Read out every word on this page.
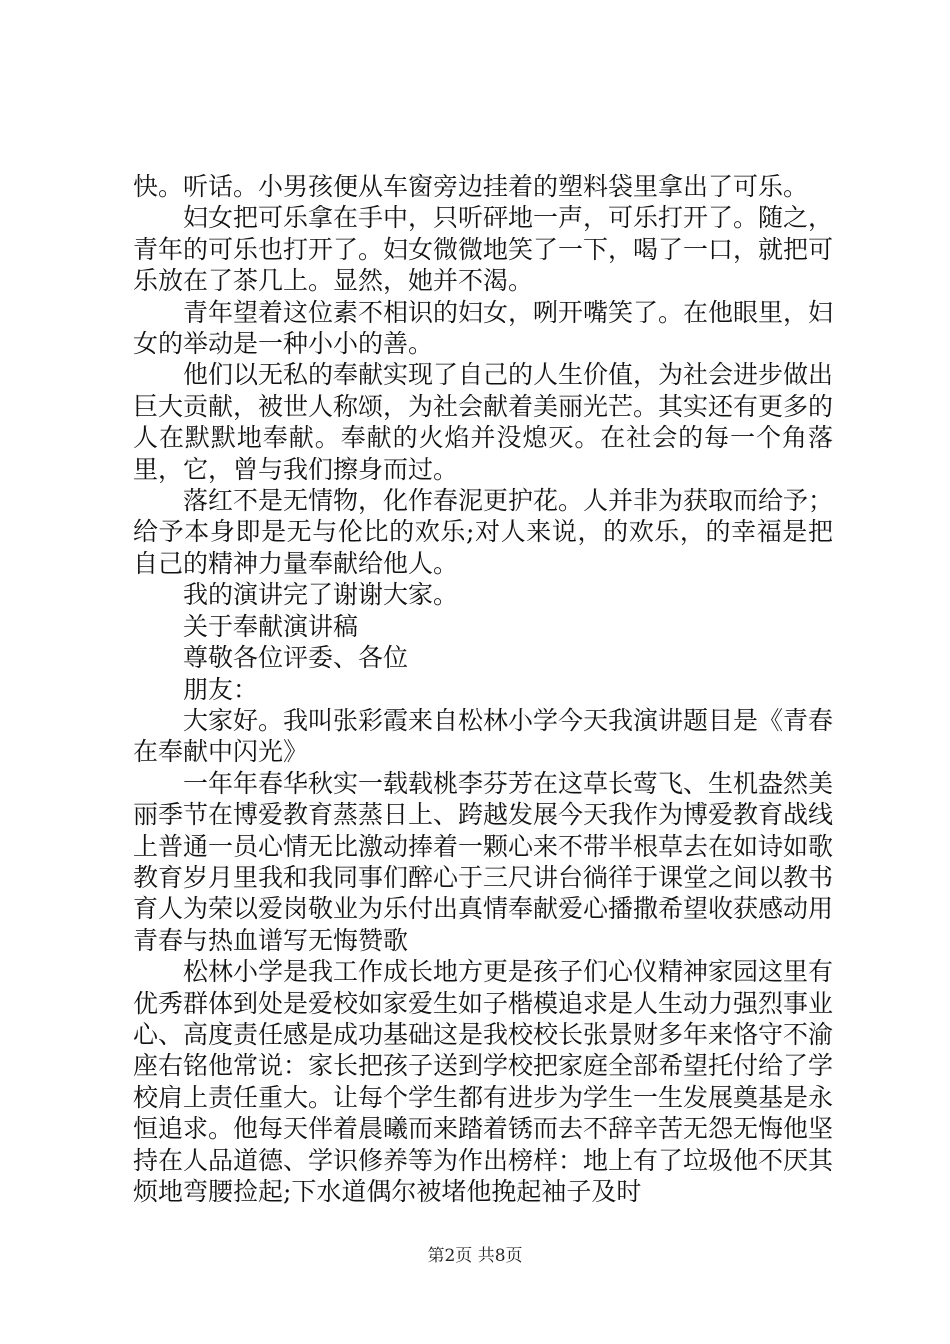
快。听话。小男孩便从车窗旁边挂着的塑料袋里拿出了可乐。

妇女把可乐拿在手中，只听砰地一声，可乐打开了。随之，青年的可乐也打开了。妇女微微地笑了一下，喝了一口，就把可乐放在了茶几上。显然，她并不渴。

青年望着这位素不相识的妇女，咧开嘴笑了。在他眼里，妇女的举动是一种小小的善。

他们以无私的奉献实现了自己的人生价值，为社会进步做出巨大贡献，被世人称颂，为社会献着美丽光芒。其实还有更多的人在默默地奉献。奉献的火焰并没熄灭。在社会的每一个角落里，它，曾与我们擦身而过。

落红不是无情物，化作春泥更护花。人并非为获取而给予；给予本身即是无与伦比的欢乐;对人来说，的欢乐，的幸福是把自己的精神力量奉献给他人。

我的演讲完了谢谢大家。

关于奉献演讲稿

尊敬各位评委、各位

朋友：

大家好。我叫张彩霞来自松林小学今天我演讲题目是《青春在奉献中闪光》

一年年春华秋实一载载桃李芬芳在这草长莺飞、生机盎然美丽季节在博爱教育蒸蒸日上、跨越发展今天我作为博爱教育战线上普通一员心情无比激动捧着一颗心来不带半根草去在如诗如歌教育岁月里我和我同事们醉心于三尺讲台徜徉于课堂之间以教书育人为荣以爱岗敬业为乐付出真情奉献爱心播撒希望收获感动用青春与热血谱写无悔赞歌

松林小学是我工作成长地方更是孩子们心仪精神家园这里有优秀群体到处是爱校如家爱生如子楷模追求是人生动力强烈事业心、高度责任感是成功基础这是我校校长张景财多年来恪守不渝座右铭他常说：家长把孩子送到学校把家庭全部希望托付给了学校肩上责任重大。让每个学生都有进步为学生一生发展奠基是永恒追求。他每天伴着晨曦而来踏着锈而去不辞辛苦无怨无悔他坚持在人品道德、学识修养等为作出榜样：地上有了垃圾他不厌其烦地弯腰捡起;下水道偶尔被堵他挽起袖子及时

第2页 共8页
